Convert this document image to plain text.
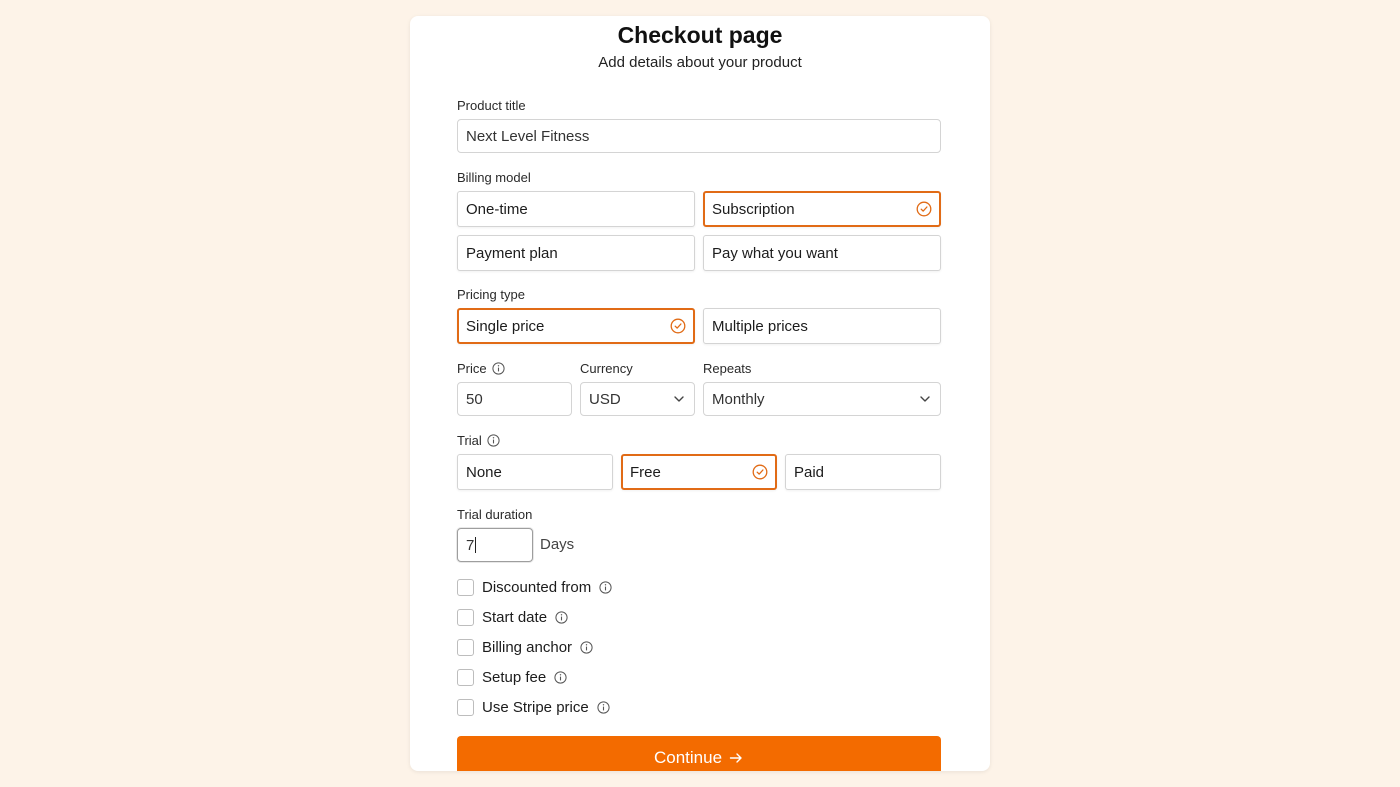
Checkout page
Add details about your product
Product title
Next Level Fitness
Billing model
One-time	Subscription
Payment plan	Pay what you want
Pricing type
Single price	Multiple prices
Price	Currency	Repeats
50	USD	Monthly
Trial
None	Free	Paid
Trial duration
7	Days
Discounted from
Start date
Billing anchor
Setup fee
Use Stripe price
Continue
